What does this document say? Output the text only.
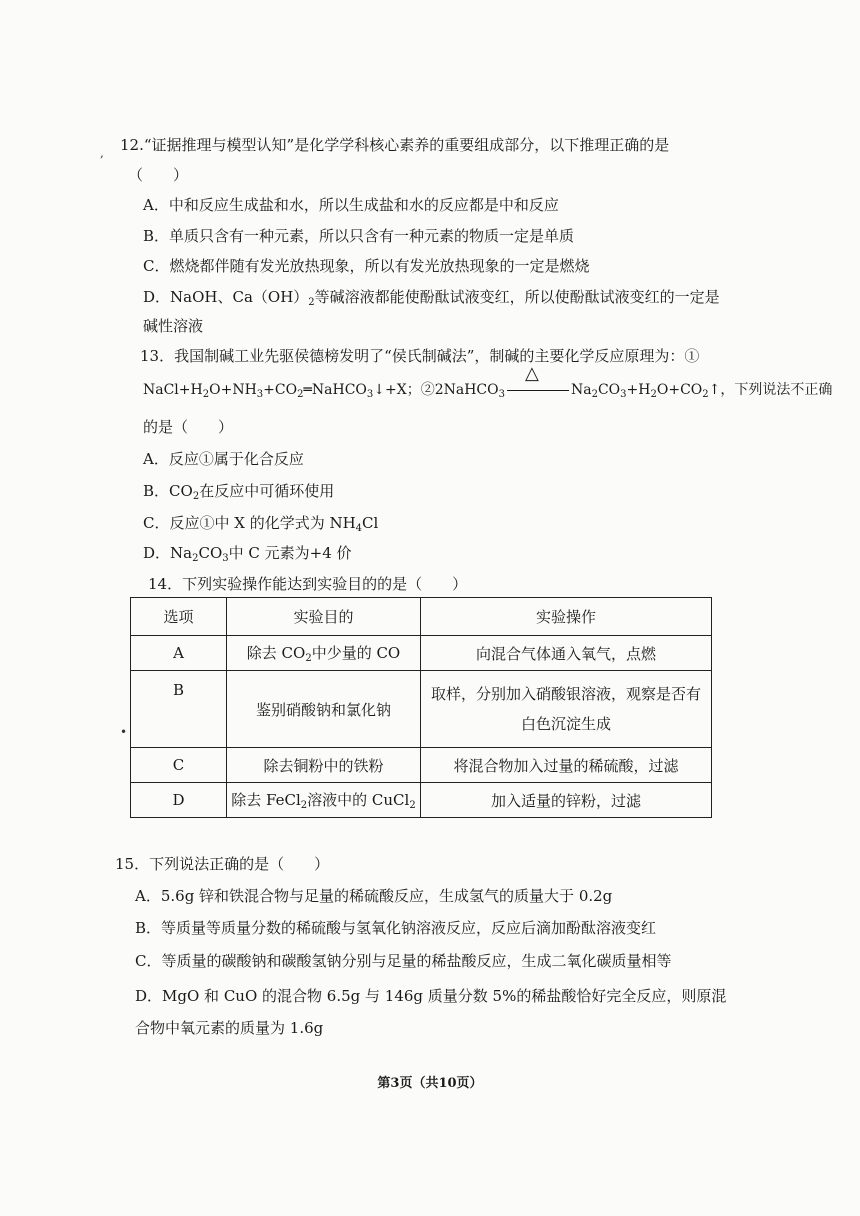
, 12.“证据推理与模型认知”是化学学科核心素养的重要组成部分，以下推理正确的是
（　　）
A．中和反应生成盐和水，所以生成盐和水的反应都是中和反应
B．单质只含有一种元素，所以只含有一种元素的物质一定是单质
C．燃烧都伴随有发光放热现象，所以有发光放热现象的一定是燃烧
D．NaOH、$Ca(OH)_2$等碱溶液都能使酚酞试液变红，所以使酚酞试液变红的一定是
碱性溶液
13．我国制碱工业先驱侯德榜发明了“侯氏制碱法”，制碱的主要化学反应原理为：①
$NaCl+H_2O+NH_3+CO_2═NaHCO_3↓+X$；②2NaHCO$_3$
△
$Na_2CO_3+H_2O+CO_2↑$，下列说法不正确
的是（　　）
A．反应①属于化合反应
B．$CO_2$在反应中可循环使用
C．反应①中 X 的化学式为 $NH_4Cl$
D．$Na_2CO_3$中 C 元素为+4 价
14．下列实验操作能达到实验目的的是（　　）
•
选项	实验目的	实验操作
A	除去 $CO_2$中少量的 CO	向混合气体通入氧气，点燃
B	鉴别硝酸钠和氯化钠	取样，分别加入硝酸银溶液，观察是否有
白色沉淀生成

C	除去铜粉中的铁粉	将混合物加入过量的稀硫酸，过滤
D	除去 FeCl$_2$溶液中的 CuCl$_2$	加入适量的锌粉，过滤
15．下列说法正确的是（　　）
A．5.6g 锌和铁混合物与足量的稀硫酸反应，生成氢气的质量大于 0.2g
B．等质量等质量分数的稀硫酸与氢氧化钠溶液反应，反应后滴加酚酞溶液变红
C．等质量的碳酸钠和碳酸氢钠分别与足量的稀盐酸反应，生成二氧化碳质量相等
D．MgO 和 CuO 的混合物 6.5g 与 146g 质量分数 5%的稀盐酸恰好完全反应，则原混
合物中氧元素的质量为 1.6g
第3页（共10页）
